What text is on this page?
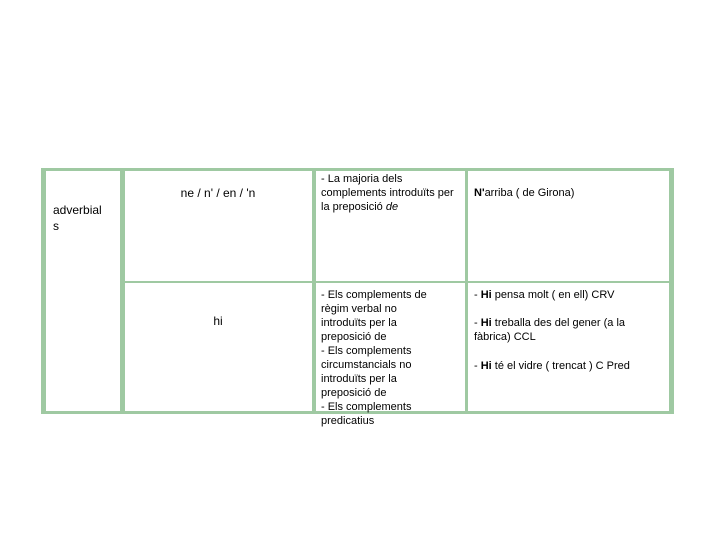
adverbial s
ne / n' / en / 'n
- La majoria dels complements introduïts per la preposició de
N'arriba ( de Girona)
hi
- Els complements de
règim verbal no
introduïts per la
preposició de
- Els complements
circumstancials no
introduïts per la
preposició de
- Els complements
predicatius
- Hi pensa molt ( en ell) CRV
- Hi treballa des del gener (a la fàbrica) CCL
- Hi té el vidre ( trencat ) C Pred
